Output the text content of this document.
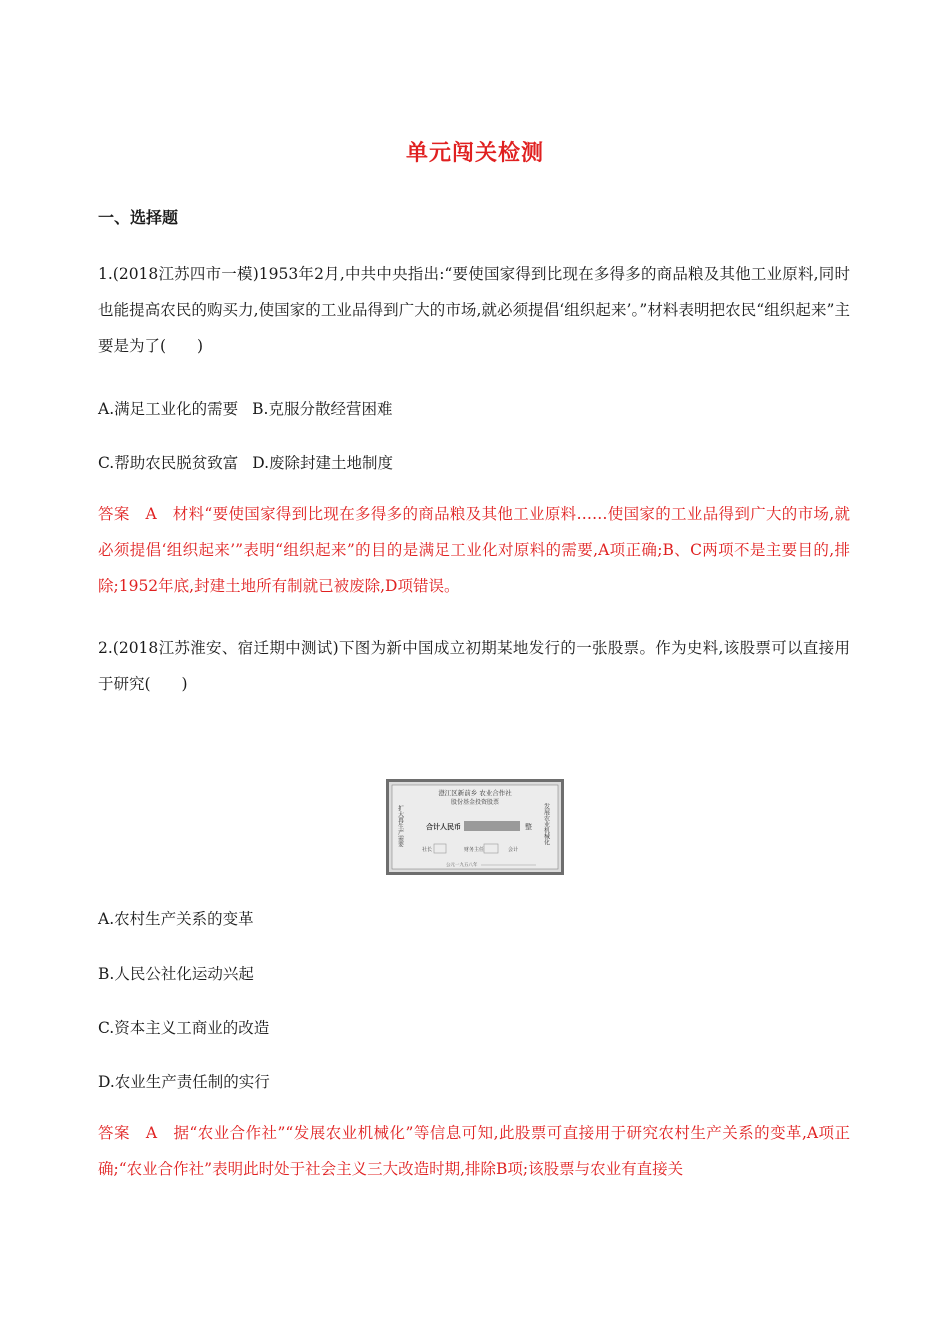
单元闯关检测
一、选择题

1.(2018江苏四市一模)1953年2月,中共中央指出:“要使国家得到比现在多得多的商品粮及其他工业原料,同时也能提高农民的购买力,使国家的工业品得到广大的市场,就必须提倡‘组织起来’。”材料表明把农民“组织起来”主要是为了(　　)

A.满足工业化的需要 B.克服分散经营困难
C.帮助农民脱贫致富 D.废除封建土地制度

答案　A　材料“要使国家得到比现在多得多的商品粮及其他工业原料……使国家的工业品得到广大的市场,就必须提倡‘组织起来’”表明“组织起来”的目的是满足工业化对原料的需要,A项正确;B、C两项不是主要目的,排除;1952年底,封建土地所有制就已被废除,D项错误。

2.(2018江苏淮安、宿迁期中测试)下图为新中国成立初期某地发行的一张股票。作为史料,该股票可以直接用于研究(　　)

澄江区新前乡 农业合作社
股份基金投资股票
扩大再生产需要	发展农业机械化
合计人民币	整
社长	财务主任	会计
公元一九五八年
A.农村生产关系的变革
B.人民公社化运动兴起
C.资本主义工商业的改造
D.农业生产责任制的实行

答案　A　据“农业合作社”“发展农业机械化”等信息可知,此股票可直接用于研究农村生产关系的变革,A项正确;“农业合作社”表明此时处于社会主义三大改造时期,排除B项;该股票与农业有直接关
